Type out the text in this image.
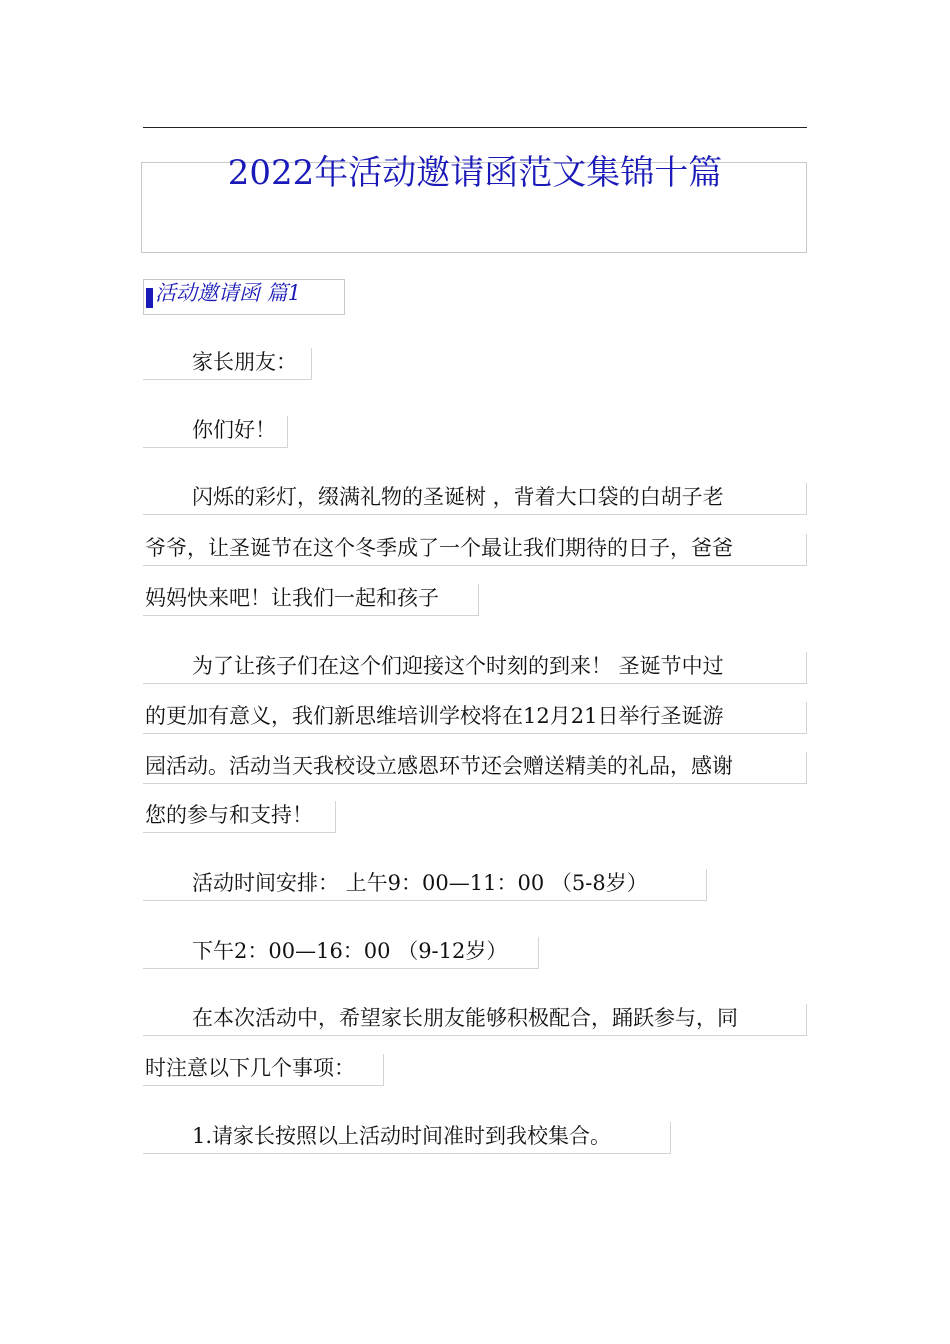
2022年活动邀请函范文集锦十篇
活动邀请函 篇1
家长朋友：
你们好！
闪烁的彩灯，缀满礼物的圣诞树 ，背着大口袋的白胡子老
爷爷，让圣诞节在这个冬季成了一个最让我们期待的日子，爸爸
妈妈快来吧！让我们一起和孩子
为了让孩子们在这个们迎接这个时刻的到来！ 圣诞节中过
的更加有意义，我们新思维培训学校将在12月21日举行圣诞游
园活动。活动当天我校设立感恩环节还会赠送精美的礼品，感谢
您的参与和支持！
活动时间安排： 上午9：00—11：00 （5-8岁）
下午2：00—16：00 （9-12岁）
在本次活动中，希望家长朋友能够积极配合，踊跃参与，同
时注意以下几个事项：
1.请家长按照以上活动时间准时到我校集合。
